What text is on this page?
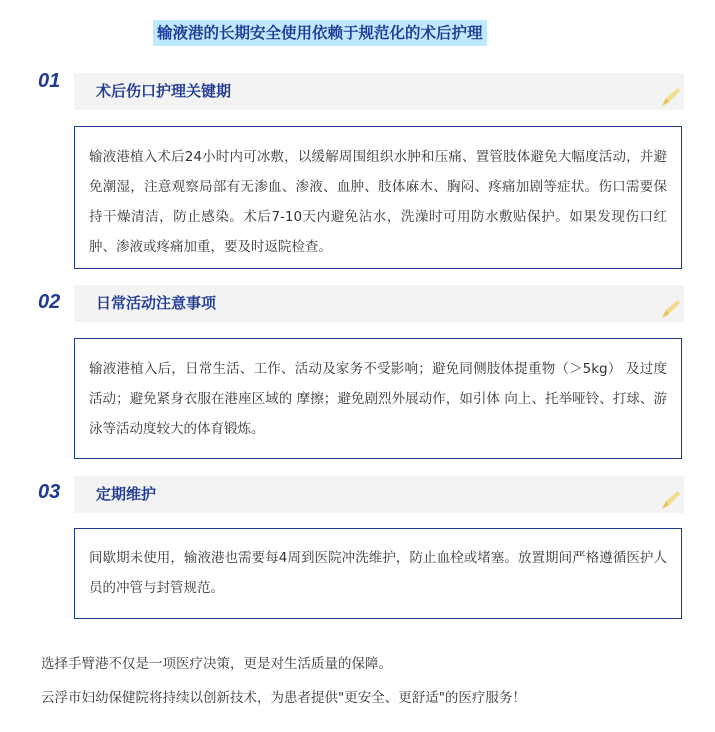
输液港的长期安全使用依赖于规范化的术后护理
01 术后伤口护理关键期

输液港植入术后24小时内可冰敷，以缓解周围组织水肿和压痛、置管肢体避免大幅度活动，并避免潮湿，注意观察局部有无渗血、渗液、血肿、肢体麻木、胸闷、疼痛加剧等症状。伤口需要保持干燥清洁，防止感染。术后7-10天内避免沾水，洗澡时可用防水敷贴保护。如果发现伤口红肿、渗液或疼痛加重，要及时返院检查。

02 日常活动注意事项

输液港植入后，日常生活、工作、活动及家务不受影响；避免同侧肢体提重物（＞5kg） 及过度活动；避免紧身衣服在港座区域的 摩擦；避免剧烈外展动作，如引体 向上、托举哑铃、打球、游泳等活动度较大的体育锻炼。

03 定期维护

间歇期未使用，输液港也需要每4周到医院冲洗维护，防止血栓或堵塞。放置期间严格遵循医护人员的冲管与封管规范。

选择手臂港不仅是一项医疗决策，更是对生活质量的保障。
云浮市妇幼保健院将持续以创新技术，为患者提供"更安全、更舒适"的医疗服务！
